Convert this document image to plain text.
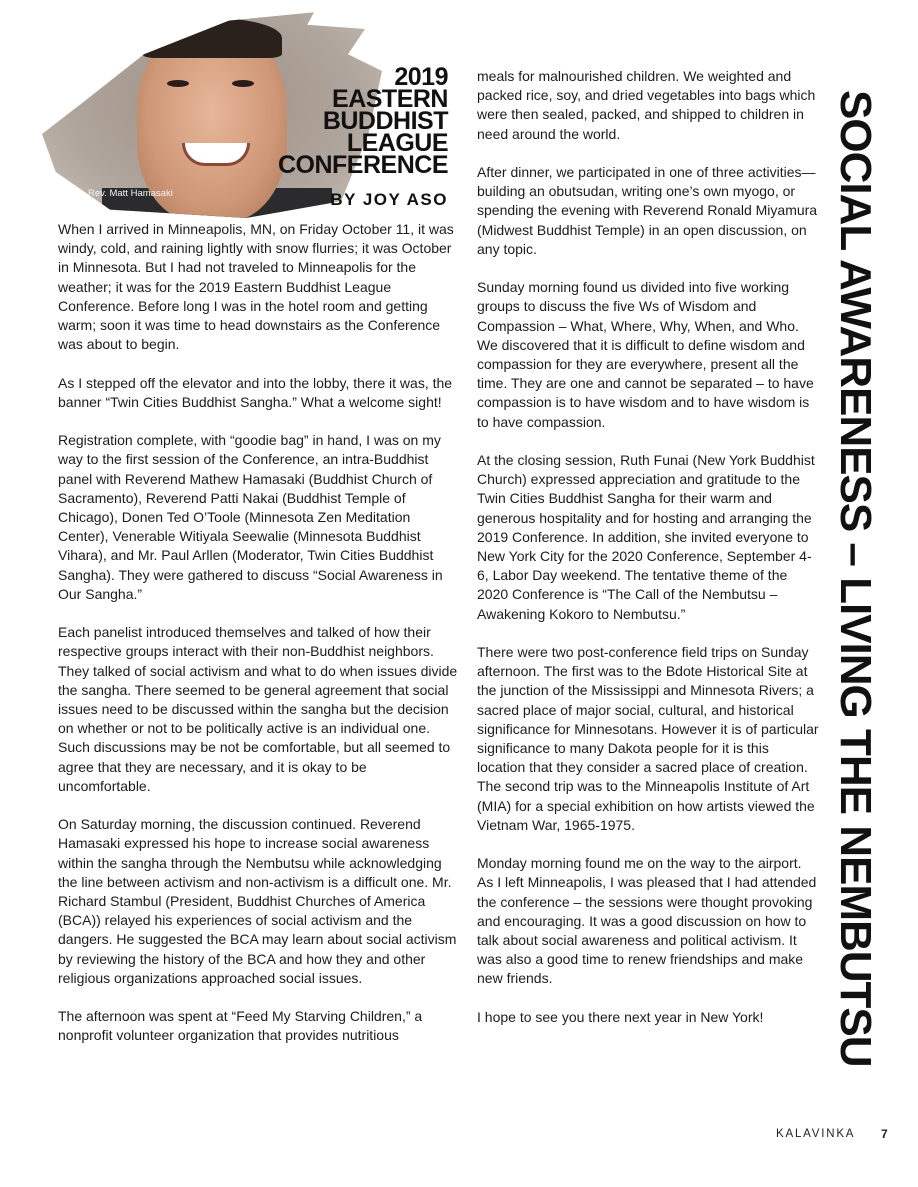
Rev. Matt Hamasaki
2019
EASTERN
BUDDHIST
LEAGUE
CONFERENCE
BY JOY ASO

When I arrived in Minneapolis, MN, on Friday October 11, it was windy, cold, and raining lightly with snow flurries; it was October in Minnesota. But I had not traveled to Minneapolis for the weather; it was for the 2019 Eastern Buddhist League Conference. Before long I was in the hotel room and getting warm; soon it was time to head downstairs as the Conference was about to begin.

As I stepped off the elevator and into the lobby, there it was, the banner “Twin Cities Buddhist Sangha.” What a welcome sight!

Registration complete, with “goodie bag” in hand, I was on my way to the first session of the Conference, an intra-Buddhist panel with Reverend Mathew Hamasaki (Buddhist Church of Sacramento), Reverend Patti Nakai (Buddhist Temple of Chicago), Donen Ted O’Toole (Minnesota Zen Meditation Center), Venerable Witiyala Seewalie (Minnesota Buddhist Vihara), and Mr. Paul Arllen (Moderator, Twin Cities Buddhist Sangha). They were gathered to discuss “Social Awareness in Our Sangha.”

Each panelist introduced themselves and talked of how their respective groups interact with their non-Buddhist neighbors. They talked of social activism and what to do when issues divide the sangha. There seemed to be general agreement that social issues need to be discussed within the sangha but the decision on whether or not to be politically active is an individual one. Such discussions may be not be comfortable, but all seemed to agree that they are necessary, and it is okay to be uncomfortable.

On Saturday morning, the discussion continued. Reverend Hamasaki expressed his hope to increase social awareness within the sangha through the Nembutsu while acknowledging the line between activism and non-activism is a difficult one. Mr. Richard Stambul (President, Buddhist Churches of America (BCA)) relayed his experiences of social activism and the dangers. He suggested the BCA may learn about social activism by reviewing the history of the BCA and how they and other religious organizations approached social issues.

The afternoon was spent at “Feed My Starving Children,” a nonprofit volunteer organization that provides nutritious

meals for malnourished children. We weighted and packed rice, soy, and dried vegetables into bags which were then sealed, packed, and shipped to children in need around the world.

After dinner, we participated in one of three activities— building an obutsudan, writing one’s own myogo, or spending the evening with Reverend Ronald Miyamura (Midwest Buddhist Temple) in an open discussion, on any topic.

Sunday morning found us divided into five working groups to discuss the five Ws of Wisdom and Compassion – What, Where, Why, When, and Who. We discovered that it is difficult to define wisdom and compassion for they are everywhere, present all the time. They are one and cannot be separated – to have compassion is to have wisdom and to have wisdom is to have compassion.

At the closing session, Ruth Funai (New York Buddhist Church) expressed appreciation and gratitude to the Twin Cities Buddhist Sangha for their warm and generous hospitality and for hosting and arranging the 2019 Conference. In addition, she invited everyone to New York City for the 2020 Conference, September 4-6, Labor Day weekend. The tentative theme of the 2020 Conference is “The Call of the Nembutsu – Awakening Kokoro to Nembutsu.”

There were two post-conference field trips on Sunday afternoon. The first was to the Bdote Historical Site at the junction of the Mississippi and Minnesota Rivers; a sacred place of major social, cultural, and historical significance for Minnesotans. However it is of particular significance to many Dakota people for it is this location that they consider a sacred place of creation. The second trip was to the Minneapolis Institute of Art (MIA) for a special exhibition on how artists viewed the Vietnam War, 1965-1975.

Monday morning found me on the way to the airport. As I left Minneapolis, I was pleased that I had attended the conference – the sessions were thought provoking and encouraging. It was a good discussion on how to talk about social awareness and political activism. It was also a good time to renew friendships and make new friends.

I hope to see you there next year in New York!	SOCIAL AWARENESS – LIVING THE NEMBUTSU
KALAVINKA 7
